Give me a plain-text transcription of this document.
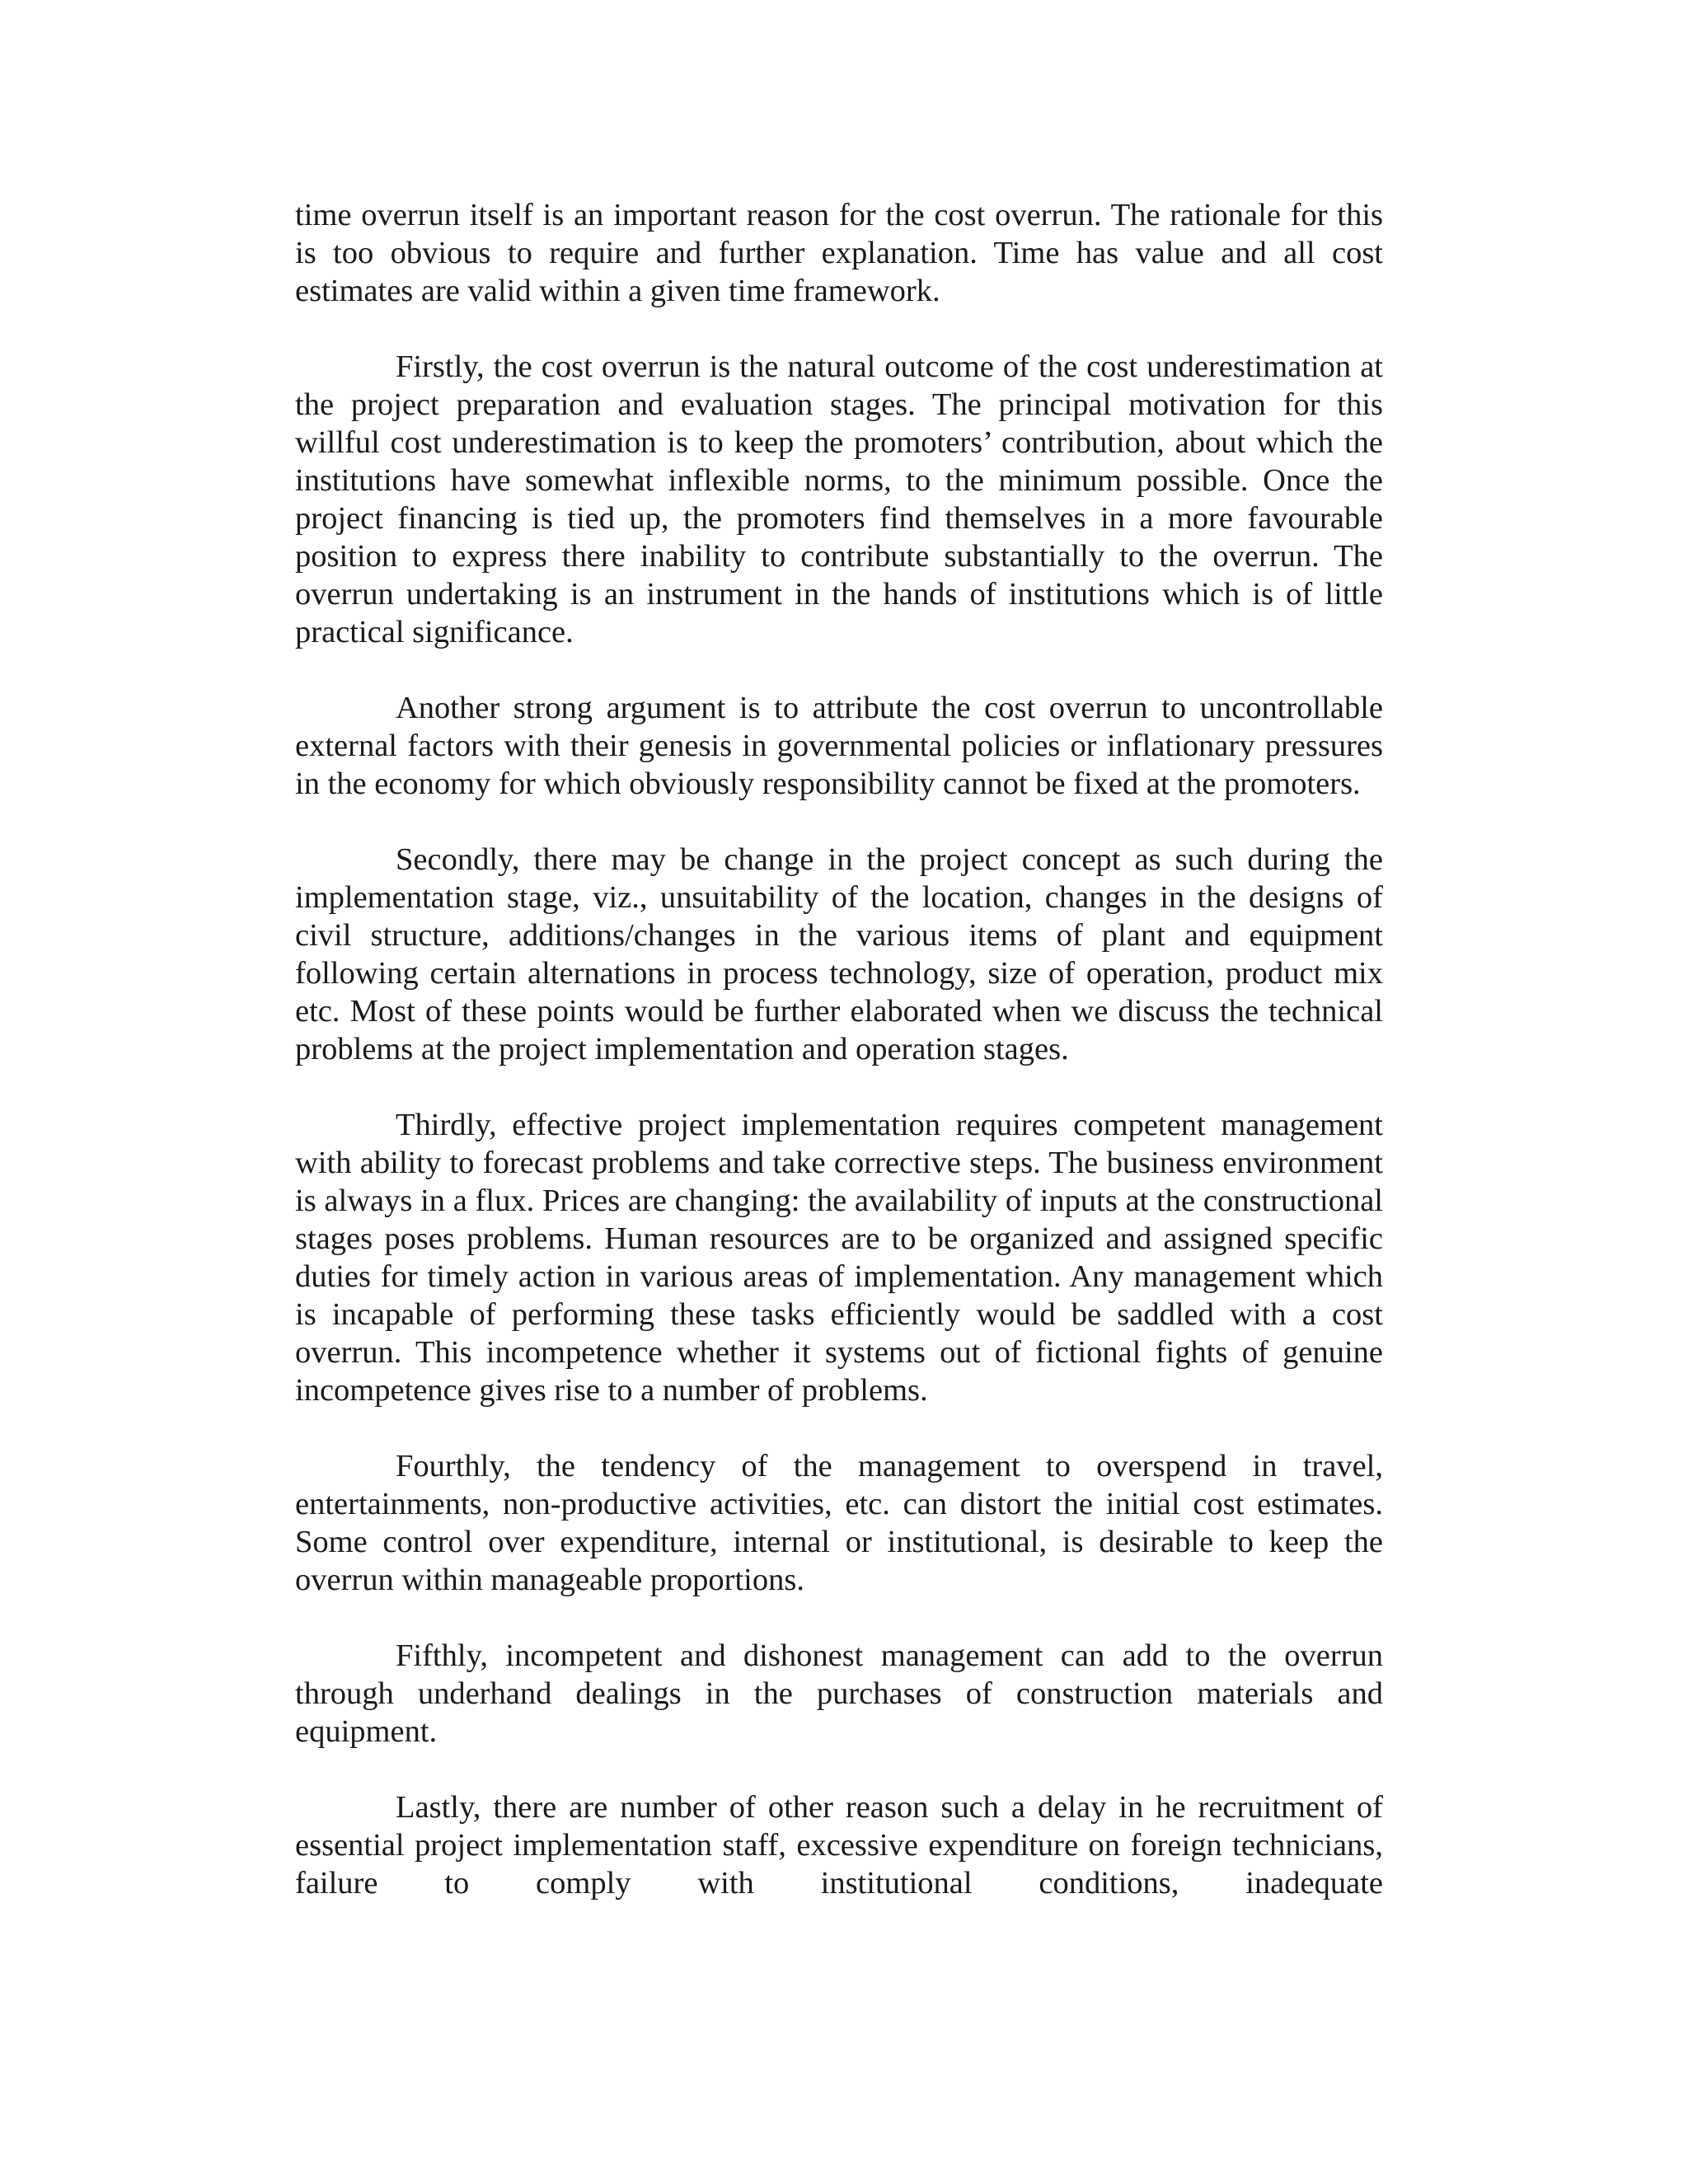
time overrun itself is an important reason for the cost overrun. The rationale for this is too obvious to require and further explanation. Time has value and all cost estimates are valid within a given time framework.

Firstly, the cost overrun is the natural outcome of the cost underestimation at the project preparation and evaluation stages. The principal motivation for this willful cost underestimation is to keep the promoters’ contribution, about which the institutions have somewhat inflexible norms, to the minimum possible. Once the project financing is tied up, the promoters find themselves in a more favourable position to express there inability to contribute substantially to the overrun. The overrun undertaking is an instrument in the hands of institutions which is of little practical significance.

Another strong argument is to attribute the cost overrun to uncontrollable external factors with their genesis in governmental policies or inflationary pressures in the economy for which obviously responsibility cannot be fixed at the promoters.

Secondly, there may be change in the project concept as such during the implementation stage, viz., unsuitability of the location, changes in the designs of civil structure, additions/changes in the various items of plant and equipment following certain alternations in process technology, size of operation, product mix etc. Most of these points would be further elaborated when we discuss the technical problems at the project implementation and operation stages.

Thirdly, effective project implementation requires competent management with ability to forecast problems and take corrective steps. The business environment is always in a flux. Prices are changing: the availability of inputs at the constructional stages poses problems. Human resources are to be organized and assigned specific duties for timely action in various areas of implementation. Any management which is incapable of performing these tasks efficiently would be saddled with a cost overrun. This incompetence whether it systems out of fictional fights of genuine incompetence gives rise to a number of problems.

Fourthly, the tendency of the management to overspend in travel, entertainments, non-productive activities, etc. can distort the initial cost estimates. Some control over expenditure, internal or institutional, is desirable to keep the overrun within manageable proportions.

Fifthly, incompetent and dishonest management can add to the overrun through underhand dealings in the purchases of construction materials and equipment.

Lastly, there are number of other reason such a delay in he recruitment of essential project implementation staff, excessive expenditure on foreign technicians, failure to comply with institutional conditions, inadequate
